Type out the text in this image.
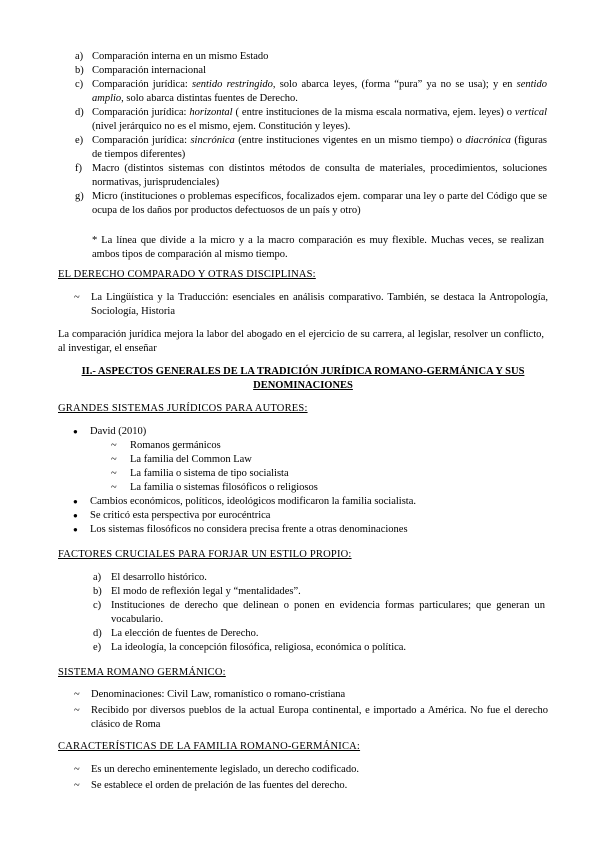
a) Comparación interna en un mismo Estado
b) Comparación internacional
c) Comparación jurídica: sentido restringido, solo abarca leyes, (forma “pura” ya no se usa); y en sentido amplio, solo abarca distintas fuentes de Derecho.
d) Comparación jurídica: horizontal ( entre instituciones de la misma escala normativa, ejem. leyes) o vertical (nivel jerárquico no es el mismo, ejem. Constitución y leyes).
e) Comparación jurídica: sincrónica (entre instituciones vigentes en un mismo tiempo) o diacrónica (figuras de tiempos diferentes)
f) Macro (distintos sistemas con distintos métodos de consulta de materiales, procedimientos, soluciones normativas, jurisprudenciales)
g) Micro (instituciones o problemas específicos, focalizados ejem. comparar una ley o parte del Código que se ocupa de los daños por productos defectuosos de un país y otro)
* La línea que divide a la micro y a la macro comparación es muy flexible. Muchas veces, se realizan ambos tipos de comparación al mismo tiempo.
EL DERECHO COMPARADO Y OTRAS DISCIPLINAS:
~ La Lingüística y la Traducción: esenciales en análisis comparativo. También, se destaca la Antropología, Sociología, Historia
La comparación jurídica mejora la labor del abogado en el ejercicio de su carrera, al legislar, resolver un conflicto, al investigar, el enseñar
II.- ASPECTOS GENERALES DE LA TRADICIÓN JURÍDICA ROMANO-GERMÁNICA Y SUS DENOMINACIONES
GRANDES SISTEMAS JURÍDICOS PARA AUTORES:
● David (2010)
~ Romanos germánicos
~ La familia del Common Law
~ La familia o sistema de tipo socialista
~ La familia o sistemas filosóficos o religiosos
● Cambios económicos, políticos, ideológicos modificaron la familia socialista.
● Se criticó esta perspectiva por eurocéntrica
● Los sistemas filosóficos no considera precisa frente a otras denominaciones
FACTORES CRUCIALES PARA FORJAR UN ESTILO PROPIO:
a) El desarrollo histórico.
b) El modo de reflexión legal y “mentalidades”.
c) Instituciones de derecho que delinean o ponen en evidencia formas particulares; que generan un vocabulario.
d) La elección de fuentes de Derecho.
e) La ideología, la concepción filosófica, religiosa, económica o política.
SISTEMA ROMANO GERMÁNICO:
~ Denominaciones: Civil Law, romanístico o romano-cristiana
~ Recibido por diversos pueblos de la actual Europa continental, e importado a América. No fue el derecho clásico de Roma
CARACTERÍSTICAS DE LA FAMILIA ROMANO-GERMÁNICA:
~ Es un derecho eminentemente legislado, un derecho codificado.
~ Se establece el orden de prelación de las fuentes del derecho.
